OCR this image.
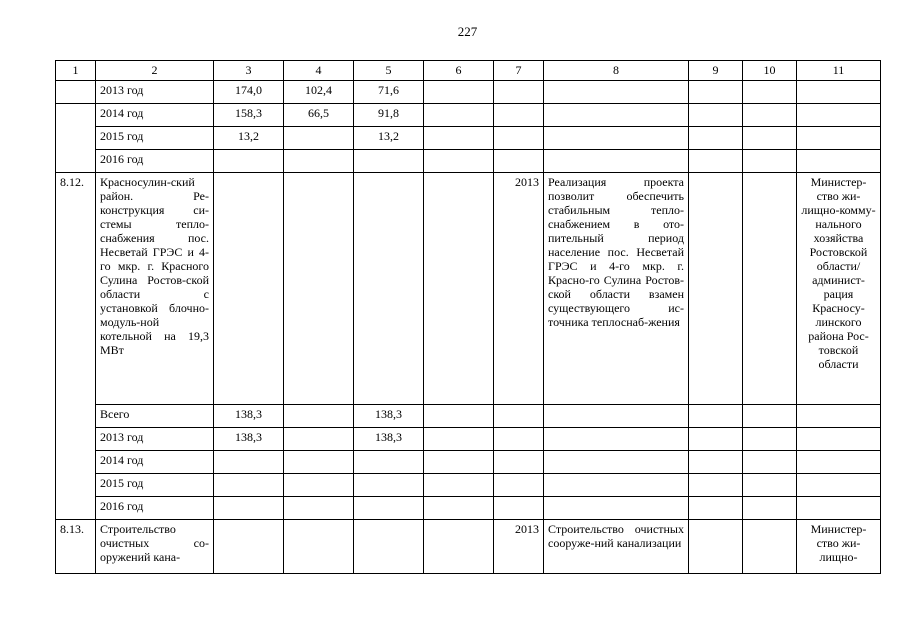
227
1	2	3	4	5	6	7	8	9	10	11
	2013 год	174,0	102,4	71,6						
	2014 год	158,3	66,5	91,8						
	2015 год	13,2		13,2						
	2016 год									
8.12.	Красносулин-ский район. Ре-конструкция си-стемы тепло-снабжения пос. Несветай ГРЭС и 4-го мкр. г. Красного Сулина Ростов-ской области с установкой блочно-модуль-ной котельной на 19,3 МВт					2013	Реализация проекта позволит обеспечить стабильным тепло-снабжением в ото-пительный период население пос. Несветай ГРЭС и 4-го мкр. г. Красно-го Сулина Ростов-ской области взамен существующего ис-точника теплоснаб-жения			Министер-ство жи-лищно-комму-нального хозяйства Ростовской области/ админист-рация Красносу-линского района Рос-товской области
	Всего	138,3		138,3						
	2013 год	138,3		138,3						
	2014 год									
	2015 год									
	2016 год									
8.13.	Строительство очистных со-оружений кана-					2013	Строительство очистных сооруже-ний канализации			Министер-ство жи-лищно-
